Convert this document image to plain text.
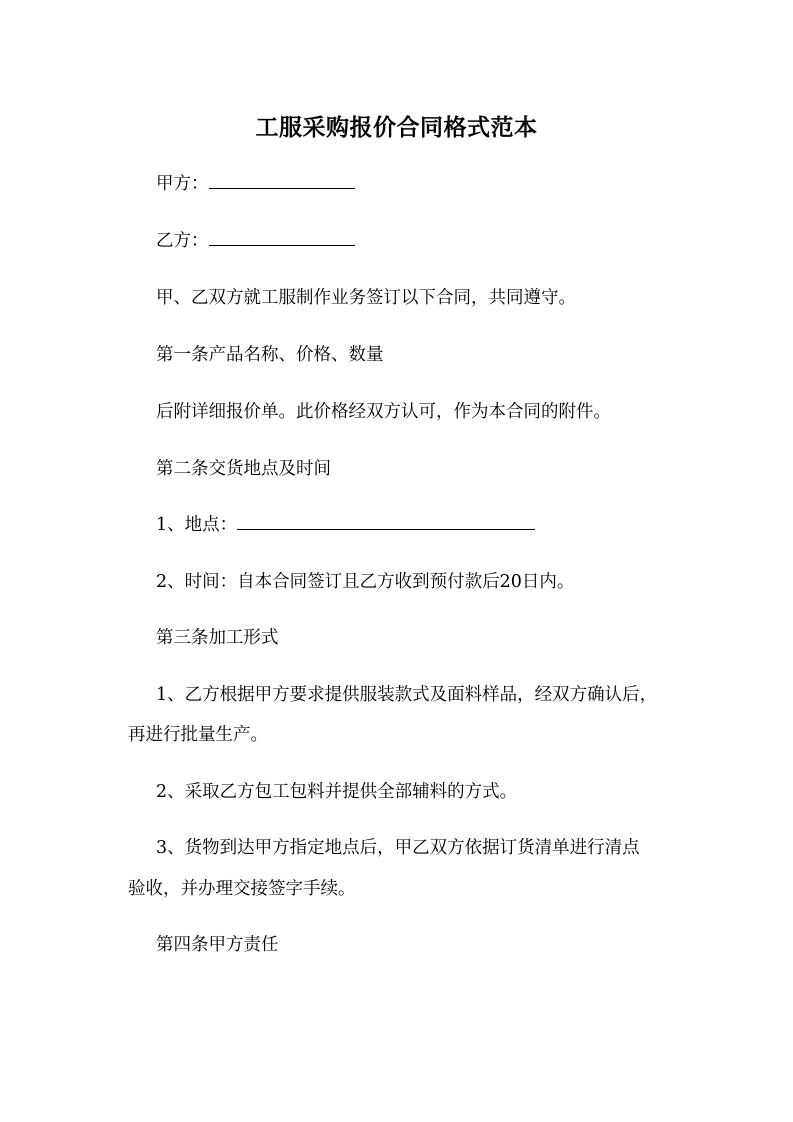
工服采购报价合同格式范本
甲方：
乙方：
甲、乙双方就工服制作业务签订以下合同，共同遵守。
第一条产品名称、价格、数量
后附详细报价单。此价格经双方认可，作为本合同的附件。
第二条交货地点及时间
1、地点：
2、时间：自本合同签订且乙方收到预付款后20日内。
第三条加工形式
1、乙方根据甲方要求提供服装款式及面料样品，经双方确认后，
再进行批量生产。
2、采取乙方包工包料并提供全部辅料的方式。
3、货物到达甲方指定地点后，甲乙双方依据订货清单进行清点
验收，并办理交接签字手续。
第四条甲方责任
